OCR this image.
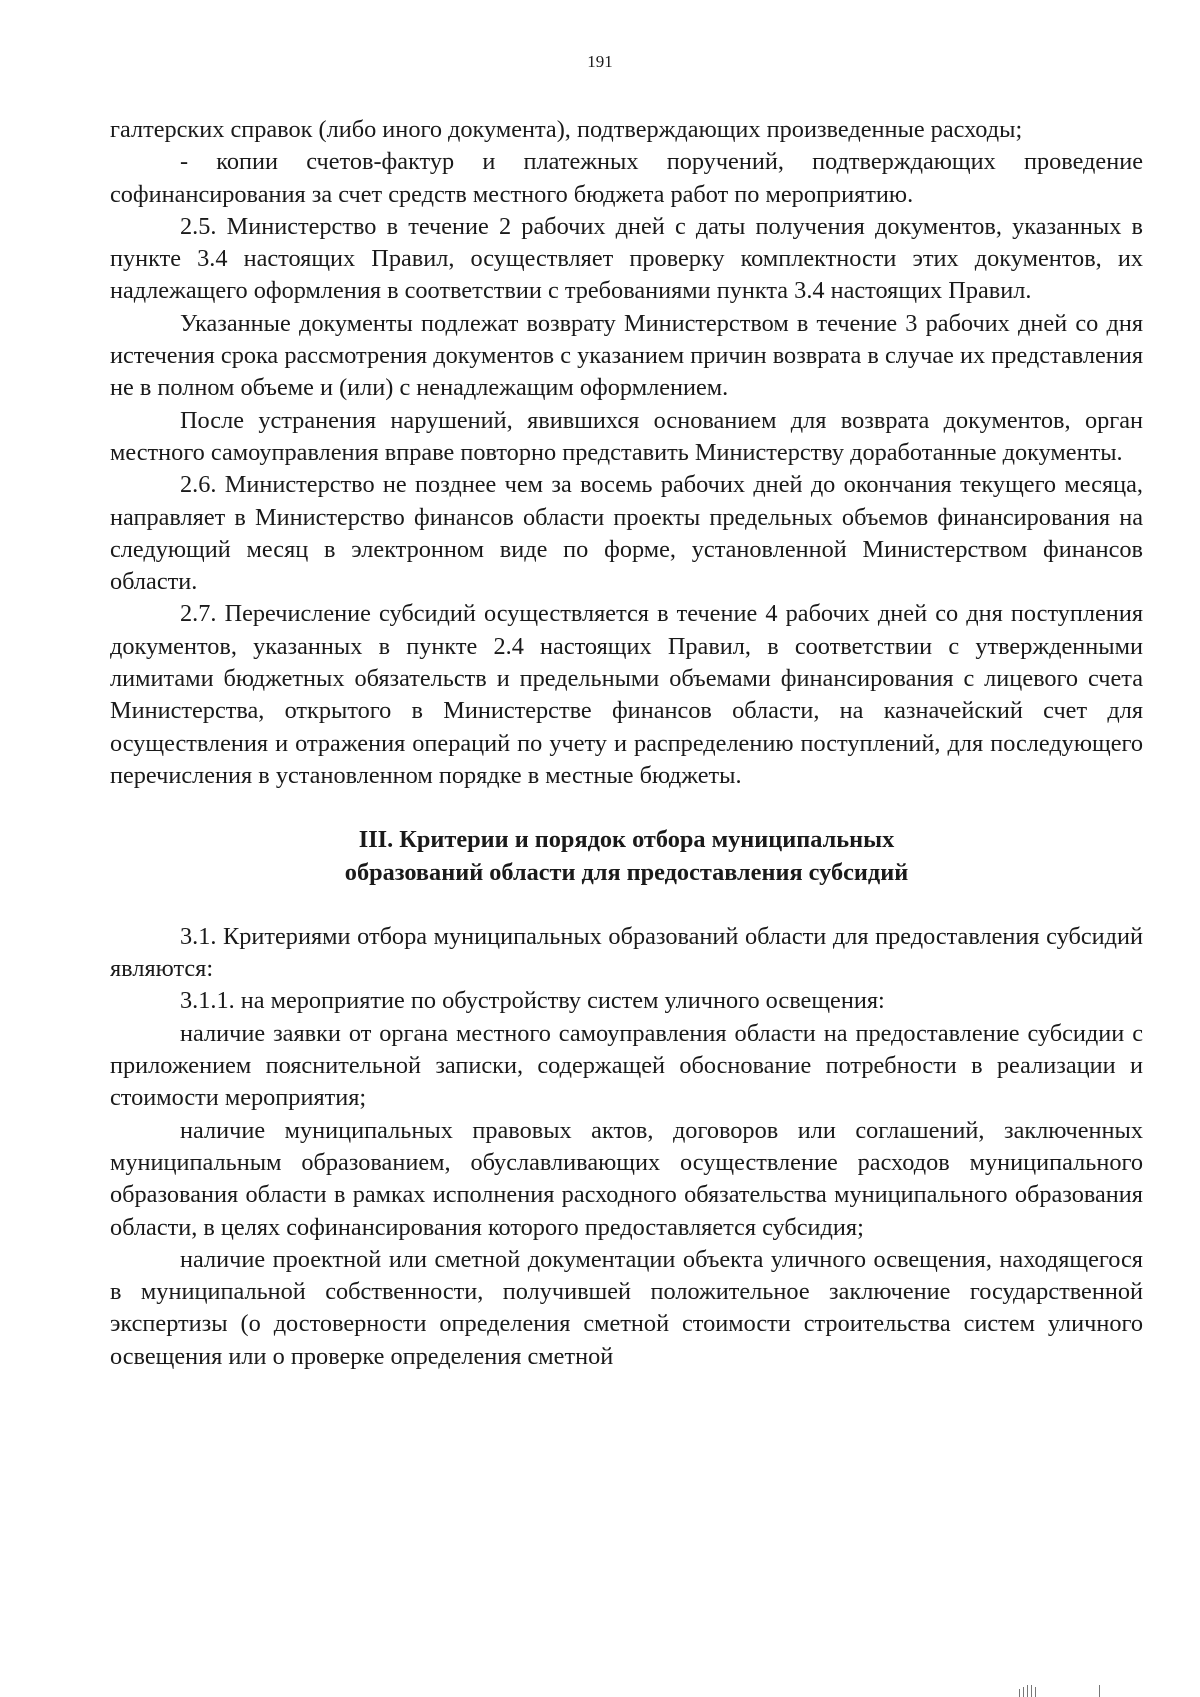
191

галтерских справок (либо иного документа), подтверждающих произведенные расходы;

- копии счетов-фактур и платежных поручений, подтверждающих проведение софинансирования за счет средств местного бюджета работ по мероприятию.

2.5. Министерство в течение 2 рабочих дней с даты получения документов, указанных в пункте 3.4 настоящих Правил, осуществляет проверку комплектности этих документов, их надлежащего оформления в соответствии с требованиями пункта 3.4 настоящих Правил.

Указанные документы подлежат возврату Министерством в течение 3 рабочих дней со дня истечения срока рассмотрения документов с указанием причин возврата в случае их представления не в полном объеме и (или) с ненадлежащим оформлением.

После устранения нарушений, явившихся основанием для возврата документов, орган местного самоуправления вправе повторно представить Министерству доработанные документы.

2.6. Министерство не позднее чем за восемь рабочих дней до окончания текущего месяца, направляет в Министерство финансов области проекты предельных объемов финансирования на следующий месяц в электронном виде по форме, установленной Министерством финансов области.

2.7. Перечисление субсидий осуществляется в течение 4 рабочих дней со дня поступления документов, указанных в пункте 2.4 настоящих Правил, в соответствии с утвержденными лимитами бюджетных обязательств и предельными объемами финансирования с лицевого счета Министерства, открытого в Министерстве финансов области, на казначейский счет для осуществления и отражения операций по учету и распределению поступлений, для последующего перечисления в установленном порядке в местные бюджеты.

III. Критерии и порядок отбора муниципальных
образований области для предоставления субсидий

3.1. Критериями отбора муниципальных образований области для предоставления субсидий являются:

3.1.1. на мероприятие по обустройству систем уличного освещения:

наличие заявки от органа местного самоуправления области на предоставление субсидии с приложением пояснительной записки, содержащей обоснование потребности в реализации и стоимости мероприятия;

наличие муниципальных правовых актов, договоров или соглашений, заключенных муниципальным образованием, обуславливающих осуществление расходов муниципального образования области в рамках исполнения расходного обязательства муниципального образования области, в целях софинансирования которого предоставляется субсидия;

наличие проектной или сметной документации объекта уличного освещения, находящегося в муниципальной собственности, получившей положительное заключение государственной экспертизы (о достоверности определения сметной стоимости строительства систем уличного освещения или о проверке определения сметной
